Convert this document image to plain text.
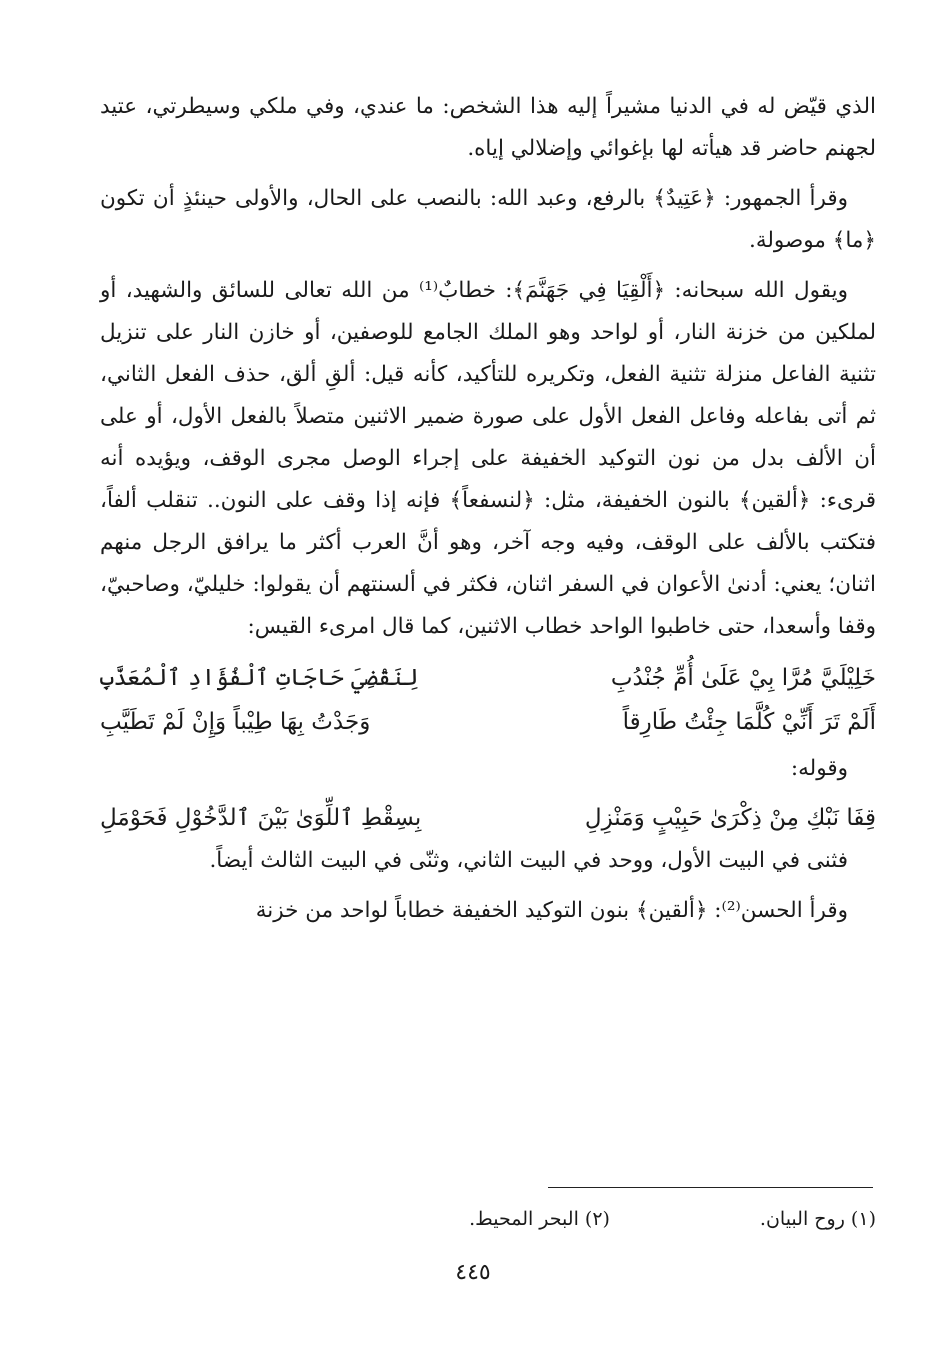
الذي قيّض له في الدنيا مشيراً إليه هذا الشخص: ما عندي، وفي ملكي وسيطرتي، عتيد لجهنم حاضر قد هيأته لها بإغوائي وإضلالي إياه.

وقرأ الجمهور: ﴿عَتِيدٌ﴾ بالرفع، وعبد الله: بالنصب على الحال، والأولى حينئذٍ أن تكون ﴿ما﴾ موصولة.

ويقول الله سبحانه: ﴿أَلْقِيَا فِي جَهَنَّمَ﴾: خطابٌ⁽¹⁾ من الله تعالى للسائق والشهيد، أو لملكين من خزنة النار، أو لواحد وهو الملك الجامع للوصفين، أو خازن النار على تنزيل تثنية الفاعل منزلة تثنية الفعل، وتكريره للتأكيد، كأنه قيل: ألقِ ألق، حذف الفعل الثاني، ثم أتى بفاعله وفاعل الفعل الأول على صورة ضمير الاثنين متصلاً بالفعل الأول، أو على أن الألف بدل من نون التوكيد الخفيفة على إجراء الوصل مجرى الوقف، ويؤيده أنه قرىء: ﴿ألقين﴾ بالنون الخفيفة، مثل: ﴿لنسفعاً﴾ فإنه إذا وقف على النون.. تنقلب ألفاً، فتكتب بالألف على الوقف، وفيه وجه آخر، وهو أنَّ العرب أكثر ما يرافق الرجل منهم اثنان؛ يعني: أدنىٰ الأعوان في السفر اثنان، فكثر في ألسنتهم أن يقولوا: خليليّ، وصاحبيّ، وقفا وأسعدا، حتى خاطبوا الواحد خطاب الاثنين، كما قال امرىء القيس:

خَلِيْلَيَّ مُرَّا بِيْ عَلَىٰ أُمِّ جُنْدُبِ
لِنَقْضِيَ حَاجَاتِ ٱلْفُؤَادِ ٱلْمُعَذَّبِ
أَلَمْ تَرَ أَنِّيْ كُلَّمَا جِئْتُ طَارِقاً
وَجَدْتُ بِهَا طِيْباً وَإِنْ لَمْ تَطَيَّبِ

وقوله:

قِفَا نَبْكِ مِنْ ذِكْرَىٰ حَبِيْبٍ وَمَنْزِلِ
بِسِقْطِ ٱللِّوَىٰ بَيْنَ ٱلدَّخُوْلِ فَحَوْمَلِ

فثنى في البيت الأول، ووحد في البيت الثاني، وثنّى في البيت الثالث أيضاً.

وقرأ الحسن⁽²⁾: ﴿ألقين﴾ بنون التوكيد الخفيفة خطاباً لواحد من خزنة

(١) روح البيان. (٢) البحر المحيط.
٤٤٥
